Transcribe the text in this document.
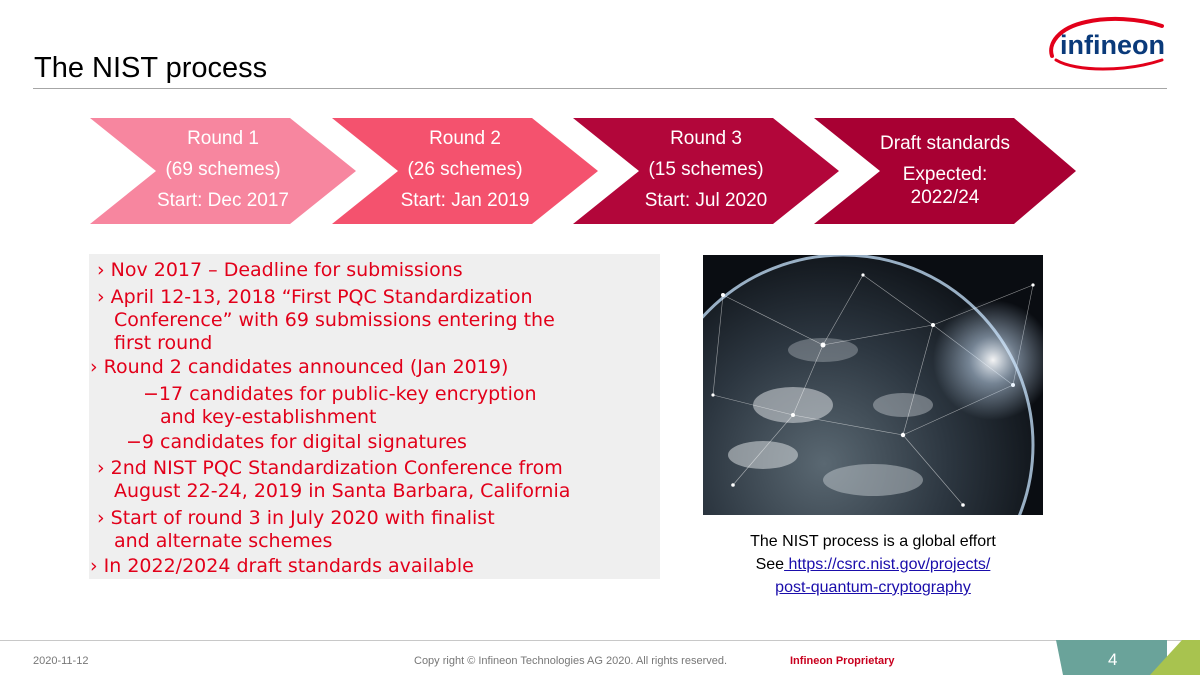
The NIST process
infineon
Round 1
(69 schemes)
Start: Dec 2017
Round 2
(26 schemes)
Start: Jan 2019
Round 3
(15 schemes)
Start: Jul 2020
Draft standards
Expected:
2022/24
› Nov 2017 – Deadline for submissions
› April 12-13, 2018 “First PQC Standardization
Conference” with 69 submissions entering the
first round
› Round 2 candidates announced (Jan 2019)
−17 candidates for public-key encryption
and key-establishment
−9 candidates for digital signatures
› 2nd NIST PQC Standardization Conference from
August 22-24, 2019 in Santa Barbara, California
› Start of round 3 in July 2020 with finalist
and alternate schemes
› In 2022/2024 draft standards available
The NIST process is a global effort
See https://csrc.nist.gov/projects/
post-quantum-cryptography
2020-11-12	Copy right © Infineon Technologies AG 2020. All rights reserved.	Infineon Proprietary	4
